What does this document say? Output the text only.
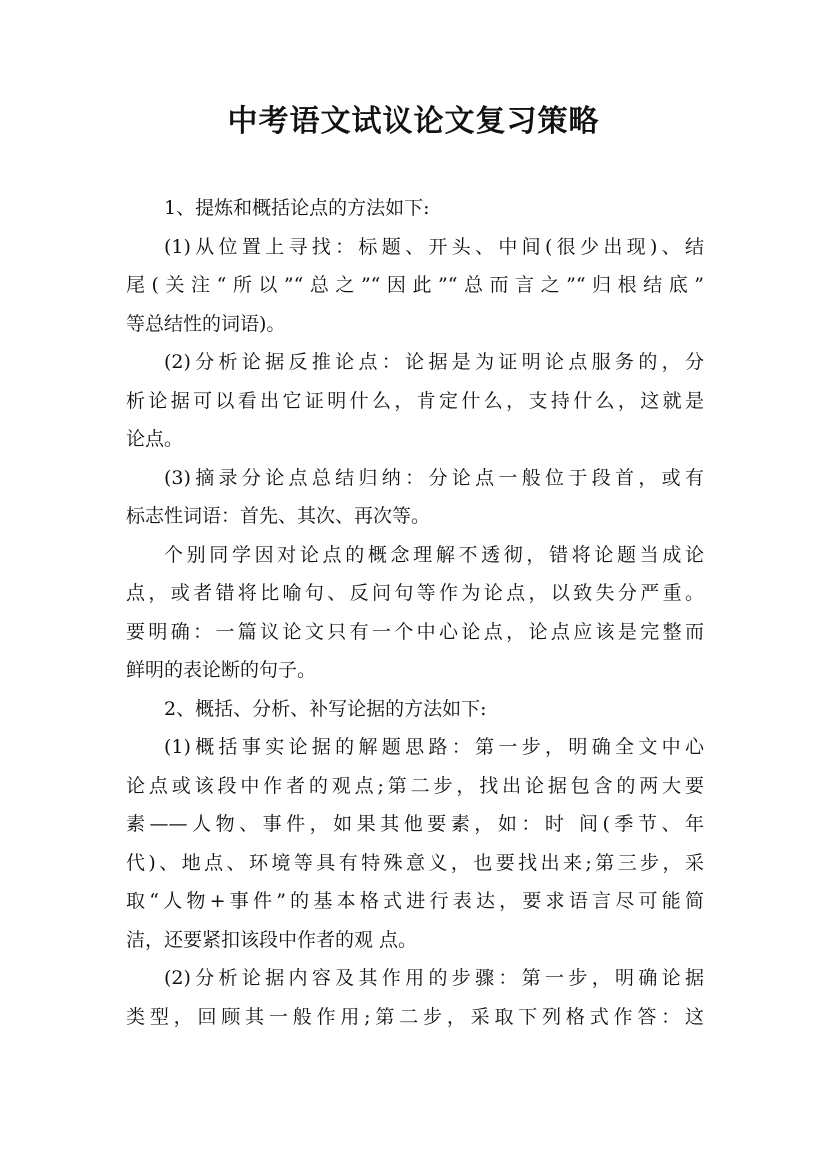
中考语文试议论文复习策略
1、提炼和概括论点的方法如下:
(1)从位置上寻找：标题、开头、中间(很少出现)、结
尾(关注“所以”“总之”“因此”“总而言之”“归根结底”
等总结性的词语)。
(2)分析论据反推论点：论据是为证明论点服务的，分
析论据可以看出它证明什么，肯定什么，支持什么，这就是
论点。
(3)摘录分论点总结归纳：分论点一般位于段首，或有
标志性词语：首先、其次、再次等。
个别同学因对论点的概念理解不透彻，错将论题当成论
点，或者错将比喻句、反问句等作为论点，以致失分严重。
要明确：一篇议论文只有一个中心论点，论点应该是完整而
鲜明的表论断的句子。
2、概括、分析、补写论据的方法如下:
(1)概括事实论据的解题思路：第一步，明确全文中心
论点或该段中作者的观点;第二步，找出论据包含的两大要
素——人物、事件，如果其他要素，如：时 间(季节、年
代)、地点、环境等具有特殊意义，也要找出来;第三步，采
取“人物+事件”的基本格式进行表达，要求语言尽可能简
洁，还要紧扣该段中作者的观 点。
(2)分析论据内容及其作用的步骤：第一步，明确论据
类型，回顾其一般作用;第二步，采取下列格式作答：这
